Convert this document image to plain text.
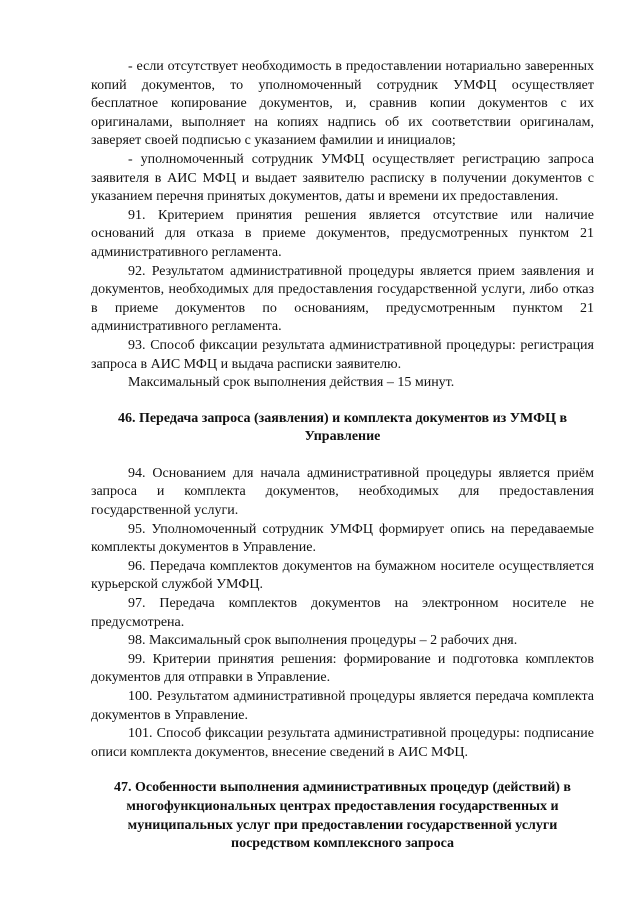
- если отсутствует необходимость в предоставлении нотариально заверенных копий документов, то уполномоченный сотрудник УМФЦ осуществляет бесплатное копирование документов, и, сравнив копии документов с их оригиналами, выполняет на копиях надпись об их соответствии оригиналам, заверяет своей подписью с указанием фамилии и инициалов;

- уполномоченный сотрудник УМФЦ осуществляет регистрацию запроса заявителя в АИС МФЦ и выдает заявителю расписку в получении документов с указанием перечня принятых документов, даты и времени их предоставления.

91. Критерием принятия решения является отсутствие или наличие оснований для отказа в приеме документов, предусмотренных пунктом 21 административного регламента.

92. Результатом административной процедуры является прием заявления и документов, необходимых для предоставления государственной услуги, либо отказ в приеме документов по основаниям, предусмотренным пунктом 21 административного регламента.

93. Способ фиксации результата административной процедуры: регистрация запроса в АИС МФЦ и выдача расписки заявителю.

Максимальный срок выполнения действия – 15 минут.

46. Передача запроса (заявления) и комплекта документов из УМФЦ в Управление

94. Основанием для начала административной процедуры является приём запроса и комплекта документов, необходимых для предоставления государственной услуги.

95. Уполномоченный сотрудник УМФЦ формирует опись на передаваемые комплекты документов в Управление.

96. Передача комплектов документов на бумажном носителе осуществляется курьерской службой УМФЦ.

97. Передача комплектов документов на электронном носителе не предусмотрена.

98. Максимальный срок выполнения процедуры – 2 рабочих дня.

99. Критерии принятия решения: формирование и подготовка комплектов документов для отправки в Управление.

100. Результатом административной процедуры является передача комплекта документов в Управление.

101. Способ фиксации результата административной процедуры: подписание описи комплекта документов, внесение сведений в АИС МФЦ.

47. Особенности выполнения административных процедур (действий) в многофункциональных центрах предоставления государственных и муниципальных услуг при предоставлении государственной услуги посредством комплексного запроса
